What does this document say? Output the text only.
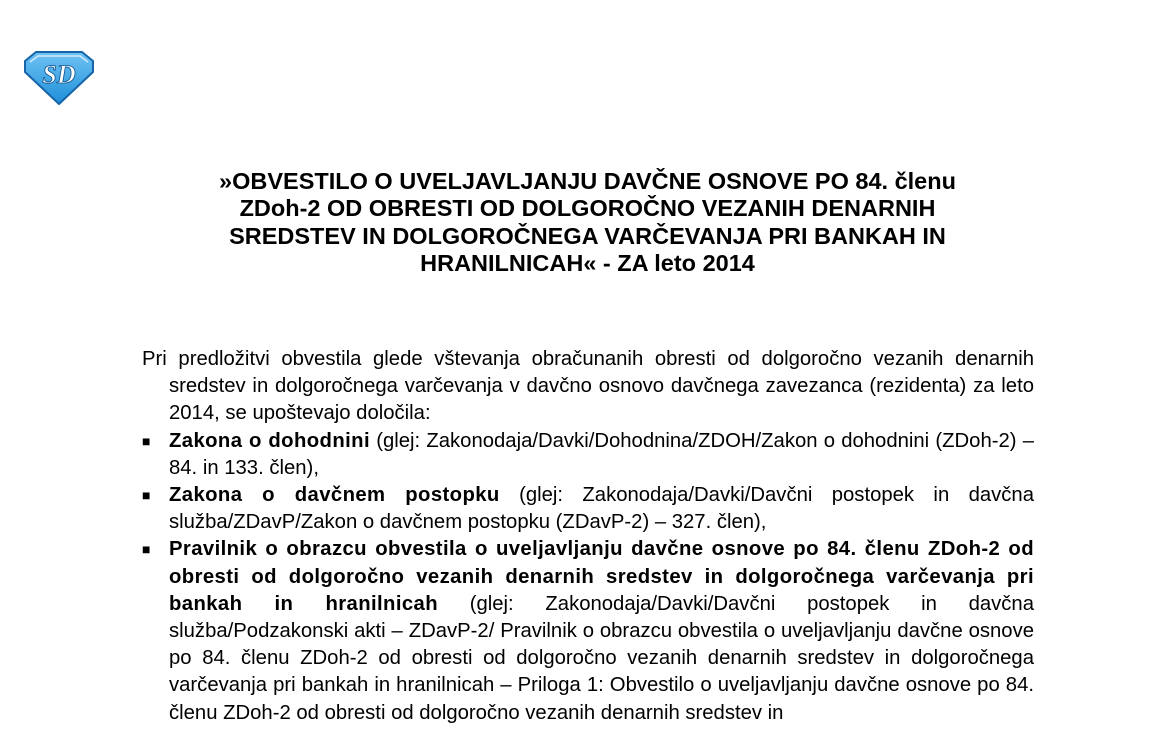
SD
»OBVESTILO O UVELJAVLJANJU DAVČNE OSNOVE PO 84. členu
ZDoh-2 OD OBRESTI OD DOLGOROČNO VEZANIH DENARNIH
SREDSTEV IN DOLGOROČNEGA VARČEVANJA PRI BANKAH IN
HRANILNICAH« - ZA leto 2014

Pri predložitvi obvestila glede vštevanja obračunanih obresti od dolgoročno vezanih denarnih sredstev in dolgoročnega varčevanja v davčno osnovo davčnega zavezanca (rezidenta) za leto 2014, se upoštevajo določila:

■ Zakona o dohodnini (glej: Zakonodaja/Davki/Dohodnina/ZDOH/Zakon o dohodnini (ZDoh-2) – 84. in 133. člen),
■ Zakona o davčnem postopku (glej: Zakonodaja/Davki/Davčni postopek in davčna služba/ZDavP/Zakon o davčnem postopku (ZDavP-2) – 327. člen),
■ Pravilnik o obrazcu obvestila o uveljavljanju davčne osnove po 84. členu ZDoh-2 od obresti od dolgoročno vezanih denarnih sredstev in dolgoročnega varčevanja pri bankah in hranilnicah (glej: Zakonodaja/Davki/Davčni postopek in davčna služba/Podzakonski akti – ZDavP-2/ Pravilnik o obrazcu obvestila o uveljavljanju davčne osnove po 84. členu ZDoh-2 od obresti od dolgoročno vezanih denarnih sredstev in dolgoročnega varčevanja pri bankah in hranilnicah – Priloga 1: Obvestilo o uveljavljanju davčne osnove po 84. členu ZDoh-2 od obresti od dolgoročno vezanih denarnih sredstev in
